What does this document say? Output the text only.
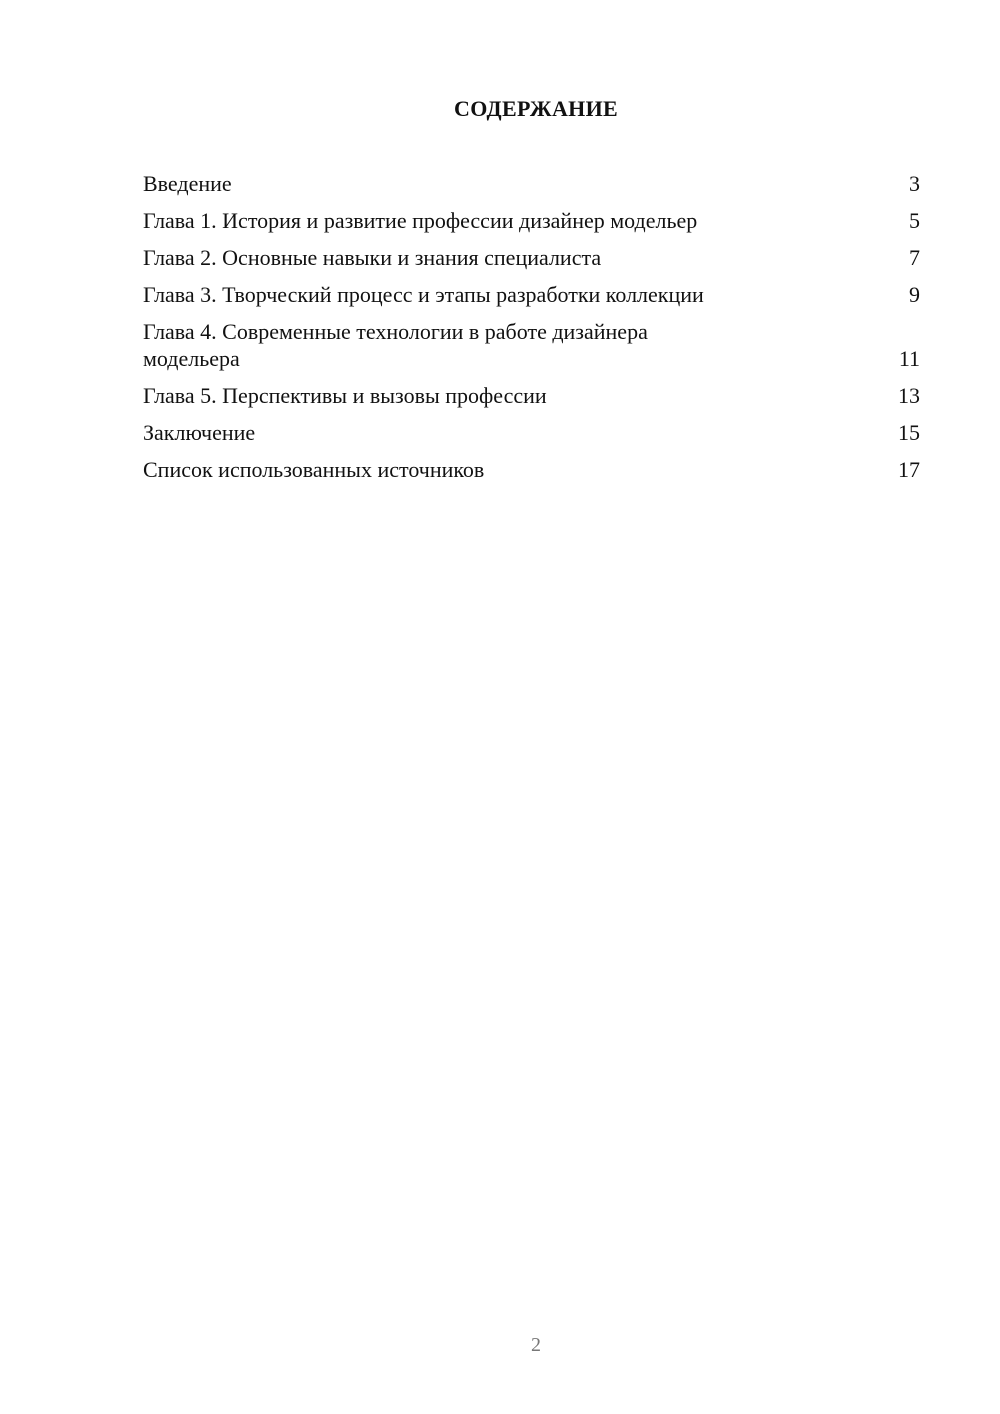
СОДЕРЖАНИЕ
Введение	3
Глава 1. История и развитие профессии дизайнер модельер	5
Глава 2. Основные навыки и знания специалиста	7
Глава 3. Творческий процесс и этапы разработки коллекции	9
Глава 4. Современные технологии в работе дизайнера модельера	11
Глава 5. Перспективы и вызовы профессии	13
Заключение	15
Список использованных источников	17
2
